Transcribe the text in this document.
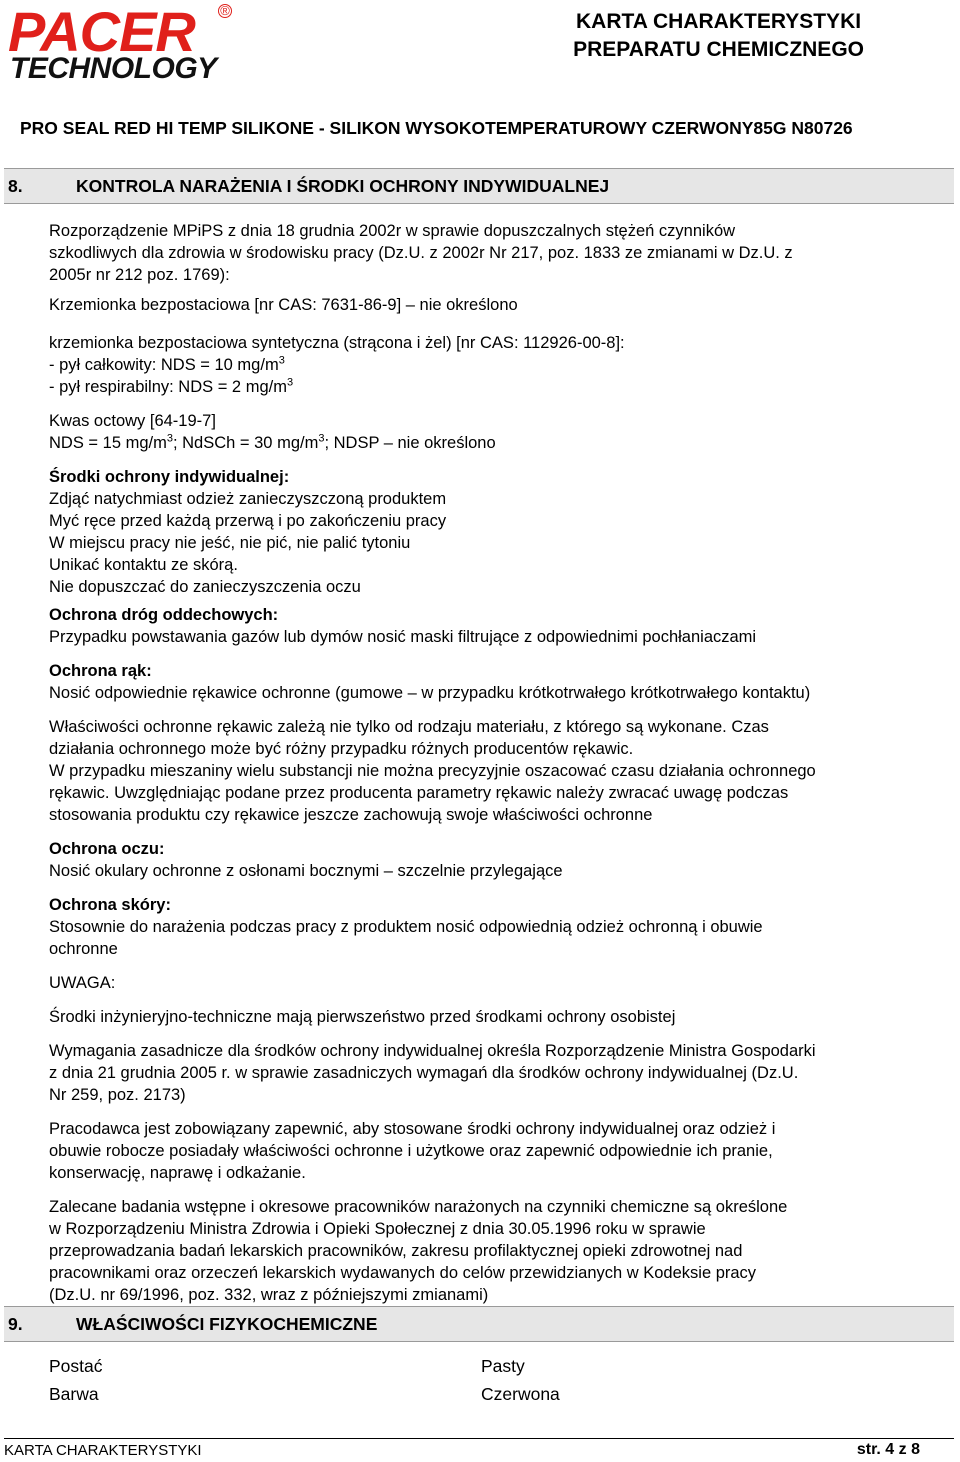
PACER ®
TECHNOLOGY
KARTA CHARAKTERYSTYKI
PREPARATU CHEMICZNEGO
PRO SEAL RED HI TEMP SILIKONE - SILIKON WYSOKOTEMPERATUROWY CZERWONY85G N80726
8.	KONTROLA NARAŻENIA I ŚRODKI OCHRONY INDYWIDUALNEJ

Rozporządzenie MPiPS z dnia 18 grudnia 2002r w sprawie dopuszczalnych stężeń czynników

szkodliwych dla zdrowia w środowisku pracy (Dz.U. z 2002r Nr 217, poz. 1833 ze zmianami w Dz.U. z

2005r nr 212 poz. 1769):

Krzemionka bezpostaciowa [nr CAS: 7631-86-9] – nie określono

krzemionka bezpostaciowa syntetyczna (strącona i żel) [nr CAS: 112926-00-8]:

- pył całkowity: NDS = 10 $mg/m^3$

- pył respirabilny: NDS = 2 $mg/m^3$

Kwas octowy [64-19-7]

NDS = 15 $mg/m^3$; NdSCh = 30 $mg/m^3$; NDSP – nie określono

Środki ochrony indywidualnej:

Zdjąć natychmiast odzież zanieczyszczoną produktem

Myć ręce przed każdą przerwą i po zakończeniu pracy

W miejscu pracy nie jeść, nie pić, nie palić tytoniu

Unikać kontaktu ze skórą.

Nie dopuszczać do zanieczyszczenia oczu

Ochrona dróg oddechowych:

Przypadku powstawania gazów lub dymów nosić maski filtrujące z odpowiednimi pochłaniaczami

Ochrona rąk:

Nosić odpowiednie rękawice ochronne (gumowe – w przypadku krótkotrwałego krótkotrwałego kontaktu)

Właściwości ochronne rękawic zależą nie tylko od rodzaju materiału, z którego są wykonane. Czas

działania ochronnego może być różny przypadku różnych producentów rękawic.

W przypadku mieszaniny wielu substancji nie można precyzyjnie oszacować czasu działania ochronnego

rękawic. Uwzględniając podane przez producenta parametry rękawic należy zwracać uwagę podczas

stosowania produktu czy rękawice jeszcze zachowują swoje właściwości ochronne

Ochrona oczu:

Nosić okulary ochronne z osłonami bocznymi – szczelnie przylegające

Ochrona skóry:

Stosownie do narażenia podczas pracy z produktem nosić odpowiednią odzież ochronną i obuwie

ochronne

UWAGA:

Środki inżynieryjno-techniczne mają pierwszeństwo przed środkami ochrony osobistej

Wymagania zasadnicze dla środków ochrony indywidualnej określa Rozporządzenie Ministra Gospodarki

z dnia 21 grudnia 2005 r. w sprawie zasadniczych wymagań dla środków ochrony indywidualnej (Dz.U.

Nr 259, poz. 2173)

Pracodawca jest zobowiązany zapewnić, aby stosowane środki ochrony indywidualnej oraz odzież i

obuwie robocze posiadały właściwości ochronne i użytkowe oraz zapewnić odpowiednie ich pranie,

konserwację, naprawę i odkażanie.

Zalecane badania wstępne i okresowe pracowników narażonych na czynniki chemiczne są określone

w Rozporządzeniu Ministra Zdrowia i Opieki Społecznej z dnia 30.05.1996 roku w sprawie

przeprowadzania badań lekarskich pracowników, zakresu profilaktycznej opieki zdrowotnej nad

pracownikami oraz orzeczeń lekarskich wydawanych do celów przewidzianych w Kodeksie pracy

(Dz.U. nr 69/1996, poz. 332, wraz z późniejszymi zmianami)

9.	WŁAŚCIWOŚCI FIZYKOCHEMICZNE
Postać	Pasty
Barwa	Czerwona
KARTA CHARAKTERYSTYKI	str. 4 z 8
